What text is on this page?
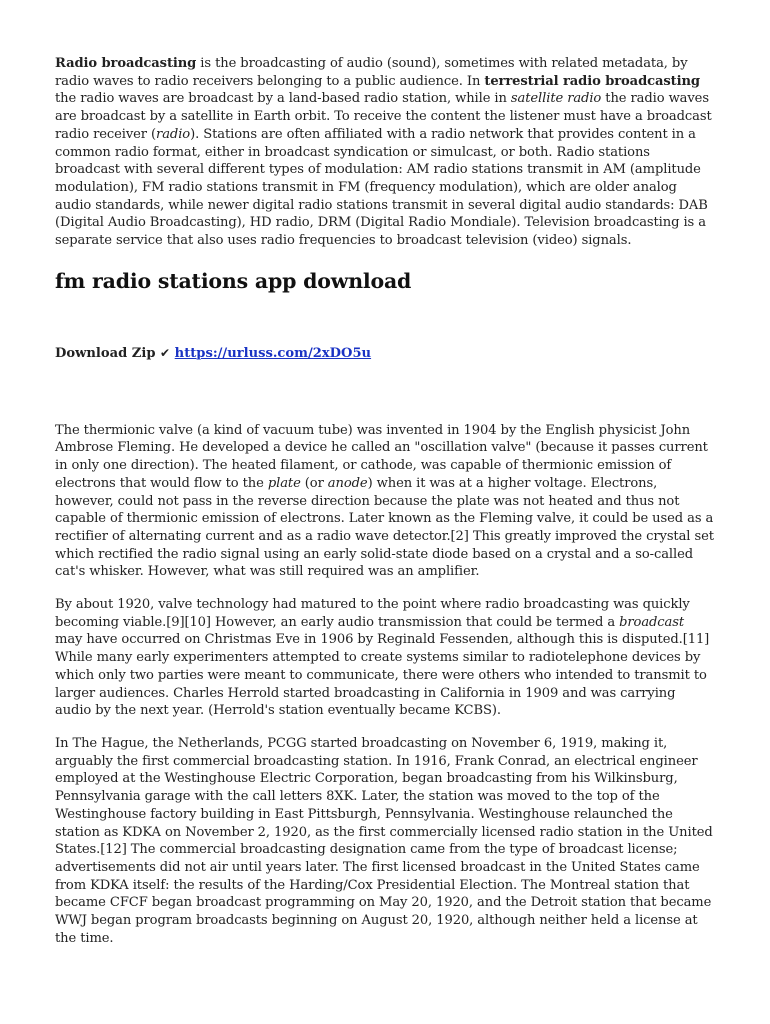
Radio broadcasting is the broadcasting of audio (sound), sometimes with related metadata, by radio waves to radio receivers belonging to a public audience. In terrestrial radio broadcasting the radio waves are broadcast by a land-based radio station, while in satellite radio the radio waves are broadcast by a satellite in Earth orbit. To receive the content the listener must have a broadcast radio receiver (radio). Stations are often affiliated with a radio network that provides content in a common radio format, either in broadcast syndication or simulcast, or both. Radio stations broadcast with several different types of modulation: AM radio stations transmit in AM (amplitude modulation), FM radio stations transmit in FM (frequency modulation), which are older analog audio standards, while newer digital radio stations transmit in several digital audio standards: DAB (Digital Audio Broadcasting), HD radio, DRM (Digital Radio Mondiale). Television broadcasting is a separate service that also uses radio frequencies to broadcast television (video) signals.

fm radio stations app download
Download Zip ✔ https://urluss.com/2xDO5u

The thermionic valve (a kind of vacuum tube) was invented in 1904 by the English physicist John Ambrose Fleming. He developed a device he called an "oscillation valve" (because it passes current in only one direction). The heated filament, or cathode, was capable of thermionic emission of electrons that would flow to the plate (or anode) when it was at a higher voltage. Electrons, however, could not pass in the reverse direction because the plate was not heated and thus not capable of thermionic emission of electrons. Later known as the Fleming valve, it could be used as a rectifier of alternating current and as a radio wave detector.[2] This greatly improved the crystal set which rectified the radio signal using an early solid-state diode based on a crystal and a so-called cat's whisker. However, what was still required was an amplifier.

By about 1920, valve technology had matured to the point where radio broadcasting was quickly becoming viable.[9][10] However, an early audio transmission that could be termed a broadcast may have occurred on Christmas Eve in 1906 by Reginald Fessenden, although this is disputed.[11] While many early experimenters attempted to create systems similar to radiotelephone devices by which only two parties were meant to communicate, there were others who intended to transmit to larger audiences. Charles Herrold started broadcasting in California in 1909 and was carrying audio by the next year. (Herrold's station eventually became KCBS).

In The Hague, the Netherlands, PCGG started broadcasting on November 6, 1919, making it, arguably the first commercial broadcasting station. In 1916, Frank Conrad, an electrical engineer employed at the Westinghouse Electric Corporation, began broadcasting from his Wilkinsburg, Pennsylvania garage with the call letters 8XK. Later, the station was moved to the top of the Westinghouse factory building in East Pittsburgh, Pennsylvania. Westinghouse relaunched the station as KDKA on November 2, 1920, as the first commercially licensed radio station in the United States.[12] The commercial broadcasting designation came from the type of broadcast license; advertisements did not air until years later. The first licensed broadcast in the United States came from KDKA itself: the results of the Harding/Cox Presidential Election. The Montreal station that became CFCF began broadcast programming on May 20, 1920, and the Detroit station that became WWJ began program broadcasts beginning on August 20, 1920, although neither held a license at the time.
